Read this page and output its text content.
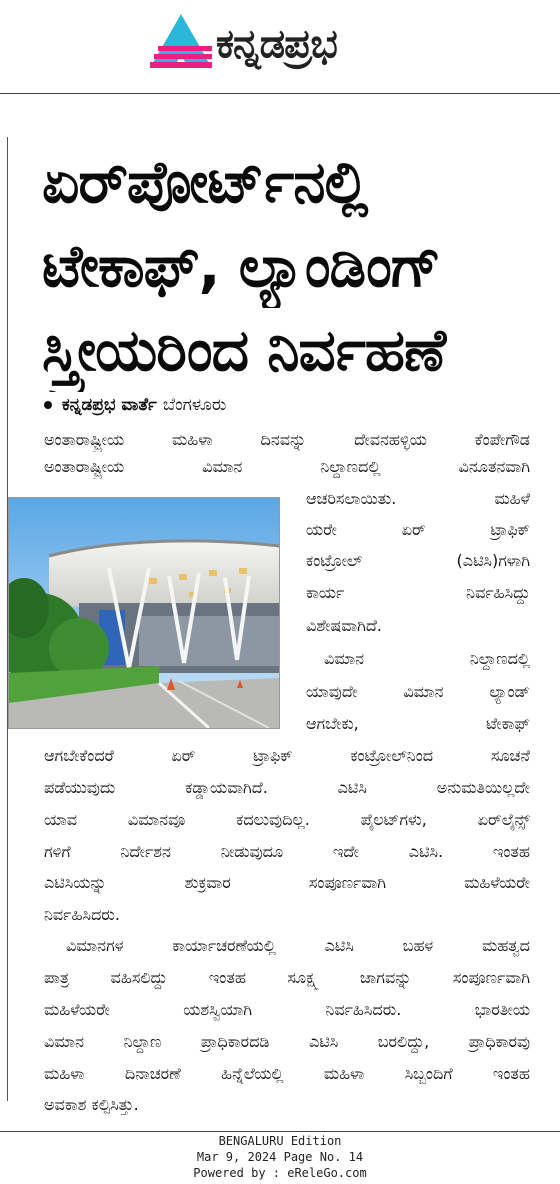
ಕನ್ನಡಪ್ರಭ
ಏರ್‌ಪೋರ್ಟ್‌ನಲ್ಲಿ
ಟೇಕಾಫ್, ಲ್ಯಾಂಡಿಂಗ್
ಸ್ತ್ರೀಯರಿಂದ ನಿರ್ವಹಣೆ
ಕನ್ನಡಪ್ರಭ ವಾರ್ತೆ ಬೆಂಗಳೂರು
ಅಂತಾರಾಷ್ಟ್ರೀಯ ಮಹಿಳಾ ದಿನವನ್ನು ದೇವನಹಳ್ಳಿಯ ಕೆಂಪೇಗೌಡ
ಅಂತಾರಾಷ್ಟ್ರೀಯ ವಿಮಾನ ನಿಲ್ದಾಣದಲ್ಲಿ ವಿನೂತನವಾಗಿ
ಆಚರಿಸಲಾಯಿತು. ಮಹಿಳೆ
ಯರೇ ಏರ್ ಟ್ರಾಫಿಕ್
ಕಂಟ್ರೋಲ್ (ಎಟಿಸಿ)ಗಳಾಗಿ
ಕಾರ್ಯ ನಿರ್ವಹಿಸಿದ್ದು
ವಿಶೇಷವಾಗಿದೆ.
ವಿಮಾನ ನಿಲ್ದಾಣದಲ್ಲಿ
ಯಾವುದೇ ವಿಮಾನ ಲ್ಯಾಂಡ್
ಆಗಬೇಕು, ಟೇಕಾಫ್
ಆಗಬೇಕೆಂದರೆ ಏರ್ ಟ್ರಾಫಿಕ್ ಕಂಟ್ರೋಲ್‌ನಿಂದ ಸೂಚನೆ
ಪಡೆಯುವುದು ಕಡ್ಡಾಯವಾಗಿದೆ. ಎಟಿಸಿ ಅನುಮತಿಯಿಲ್ಲದೇ
ಯಾವ ವಿಮಾನವೂ ಕದಲುವುದಿಲ್ಲ. ಪೈಲಟ್‌ಗಳು, ಏರ್‌ಲೈನ್ಸ್
ಗಳಿಗೆ ನಿರ್ದೇಶನ ನೀಡುವುದೂ ಇದೇ ಎಟಿಸಿ. ಇಂತಹ
ಎಟಿಸಿಯನ್ನು ಶುಕ್ರವಾರ ಸಂಪೂರ್ಣವಾಗಿ ಮಹಿಳೆಯರೇ
ನಿರ್ವಹಿಸಿದರು.
ವಿಮಾನಗಳ ಕಾರ್ಯಾಚರಣೆಯಲ್ಲಿ ಎಟಿಸಿ ಬಹಳ ಮಹತ್ವದ
ಪಾತ್ರ ವಹಿಸಲಿದ್ದು ಇಂತಹ ಸೂಕ್ಷ್ಮ ಜಾಗವನ್ನು ಸಂಪೂರ್ಣವಾಗಿ
ಮಹಿಳೆಯರೇ ಯಶಸ್ವಿಯಾಗಿ ನಿರ್ವಹಿಸಿದರು. ಭಾರತೀಯ
ವಿಮಾನ ನಿಲ್ದಾಣ ಪ್ರಾಧಿಕಾರದಡಿ ಎಟಿಸಿ ಬರಲಿದ್ದು, ಪ್ರಾಧಿಕಾರವು
ಮಹಿಳಾ ದಿನಾಚರಣೆ ಹಿನ್ನೆಲೆಯಲ್ಲಿ ಮಹಿಳಾ ಸಿಬ್ಬಂದಿಗೆ ಇಂತಹ
ಅವಕಾಶ ಕಲ್ಪಿಸಿತ್ತು.
BENGALURU Edition
Mar 9, 2024 Page No. 14
Powered by : eReleGo.com
